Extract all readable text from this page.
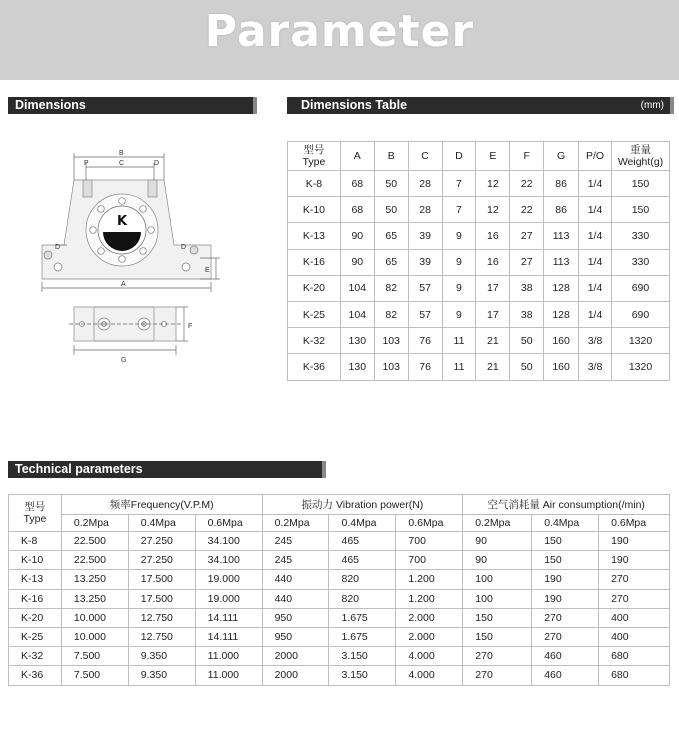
Parameter
Dimensions	Dimensions Table	(mm)
Technical parameters
K
B
C
P	D
D	D
E
A
F
G
型号
Type	A	B	C	D	E	F	G	P/O	重量
Weight(g)

K-8	68	50	28	7	12	22	86	1/4	150
K-10	68	50	28	7	12	22	86	1/4	150
K-13	90	65	39	9	16	27	113	1/4	330
K-16	90	65	39	9	16	27	113	1/4	330
K-20	104	82	57	9	17	38	128	1/4	690
K-25	104	82	57	9	17	38	128	1/4	690
K-32	130	103	76	11	21	50	160	3/8	1320
K-36	130	103	76	11	21	50	160	3/8	1320
型号
Type	频率Frequency(V.P.M)			振动力 Vibration power(N)			空气消耗量 Air consumption(/min)		
	0.2Mpa	0.4Mpa	0.6Mpa	0.2Mpa	0.4Mpa	0.6Mpa	0.2Mpa	0.4Mpa	0.6Mpa
K-8	22.500	27.250	34.100	245	465	700	90	150	190
K-10	22.500	27.250	34.100	245	465	700	90	150	190
K-13	13.250	17.500	19.000	440	820	1.200	100	190	270
K-16	13.250	17.500	19.000	440	820	1.200	100	190	270
K-20	10.000	12.750	14.111	950	1.675	2.000	150	270	400
K-25	10.000	12.750	14.111	950	1.675	2.000	150	270	400
K-32	7.500	9.350	11.000	2000	3.150	4.000	270	460	680
K-36	7.500	9.350	11.000	2000	3.150	4.000	270	460	680
